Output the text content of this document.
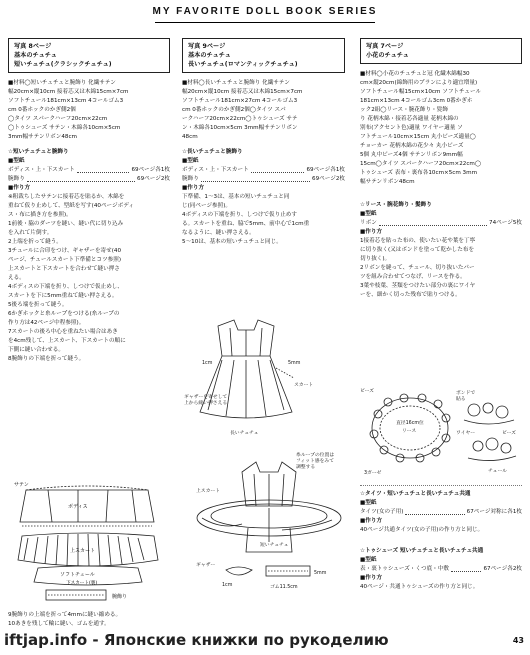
MY FAVORITE DOLL BOOK SERIES
写真 8ページ
基本のチュチュ
短いチュチュ(クラシックチュチュ)
■材料◯短いチュチュと腕飾り 化繊サテン
幅20cm×縦10cm 接着芯又は木綿15cm×7cm
ソフトチュール181cm×13cm 4コールゴム3
cm 0番ホックのかぎ側2個
◯タイツ スパークハーフ20cm×22cm
◯トゥシューズ サテン・木綿各10cm×5cm
3mm幅サテンリボン48cm
☆短いチュチュと腕飾り
■型紙
ボディス・上・下スカート	69ページ各1枚
腕飾り	69ページ2枚
■作り方
※粗裁ちしたサテンに接着芯を貼るか、木綿を
重ねて仮り止めして、型紙を写す(40ページボディ
ス・布に描き方を参照)。
1前後・脇のダーツを縫い、縫い代に切り込み
を入れて片倒す。
2上端を折って縫う。
3チュールに合印をつけ、ギャザーを寄せ(40
ページ、チュールスカート下準備とコツ参照)
上スカートと下スカートを合わせて縫い押さ
える。
4ボディスの下端を折り、しつけで仮止めし、
スカートを下に5mm重ねて縫い押さえる。
5後ろ端を折って縫う。
6かぎホックと糸ループをつける(糸ループの
作り方は42ページ中程参照)。
7スカートの後ろ中心を重ねたい場合はあき
を4cm残して、上スカート、下スカートの順に
下側に縫い合わせる。
8腕飾りの下端を折って縫う。
サテン
ボディス
上スカート
ソフトチュール
下スカート(裏)
腕飾り
9腕飾りの上端を折って4mmに縫い縮める。
10あきを残して輪に縫い、ゴムを通す。
写真 9ページ
基本のチュチュ
長いチュチュ(ロマンティックチュチュ)
■材料◯長いチュチュと腕飾り 化繊サテン
幅20cm×縦10cm 接着芯又は木綿15cm×7cm
ソフトチュール181cm×27cm 4コールゴム3
cm 0番ホックのかぎ側2個◯タイツ スパ
ークハーフ20cm×22cm◯トゥシューズ サテ
ン・木綿各10cm×5cm 3mm幅サテンリボン
48cm
☆長いチュチュと腕飾り
■型紙
ボディス・上・下スカート	69ページ各1枚
腕飾り	69ページ2枚
■作り方
下準備、1～3は、基本の短いチュチュと同
じ(同ページ参照)。
4ボディスの下端を折り、しつけで仮り止めす
る。スカートを重ね、脇で5mm、前中心で1cm重
なるように、縫い押さえる。
5～10は、基本の短いチュチュと同じ。
ギャザーを寄せして
上から縫い押さえる
スカート
長いチュチュ
5mm
1cm
糸ループの位置は
フィット感をみて
調整する
上スカート
ギャザー
1cm
短いチュチュ
ゴム11.5cm
5mm
写真 7ページ
小花のチュチュ
■材料◯小花のチュチュと冠 化繊木綿幅30
cm×縦20cm(綿飾用のプランにより適宜増量)
ソフトチュール幅15cm×10cm ソフトチュール
181cm×13cm 4コールゴム3cm 0番かぎホ
ック2組◯リース・腕花飾り・髪飾
り 花柄木綿・接着芯各適量 花柄木綿の
別布(アクセント色)適量 ワイヤー適量 ソ
フトチュール10cm×15cm 丸小ビーズ適量◯
チョーカー 花柄木綿の花少々 丸小ビーズ
5個 丸中ビーズ4個 サテンリボン9mm幅
15cm◯タイツ スパークハーフ20cm×22cm◯
トゥシューズ 表布・裏布各10cm×5cm 3mm
幅サテンリボン48cm
☆リース・腕花飾り・髪飾り
■型紙
リボン	74ページ5枚
■作り方
1接着芯を貼った布の、使いたい花や葉を丁寧
に切り抜く(又はボンドを塗って乾かした布を
切り抜く)。
2リボンを縫って、チュール、切り抜いたパー
ツを組み合わせてつなげ、リースを作る。
3葉や枝葉、茎類をつけたい部分の裏にワイヤ
ーを、細かく切った残布で貼りつける。
ビーズ
直径16cm位
リース
ボンドで
貼る
ワイヤー	ビーズ
チュール
3ガーゼ
☆タイツ・短いチュチュと長いチュチュ共通
■型紙
タイツ(女の子用)	67ページ対称に各1枚
■作り方
40ページ共通タイツ(女の子用)の作り方と同じ。
☆トゥシューズ 短いチュチュと長いチュチュ共通
■型紙
表・裏トゥシューズ・くつ底・中敷	67ページ各2枚
■作り方
40ページ・共通トゥシューズの作り方と同じ。
iftjap.info - Японские книжки по рукоделию	43
